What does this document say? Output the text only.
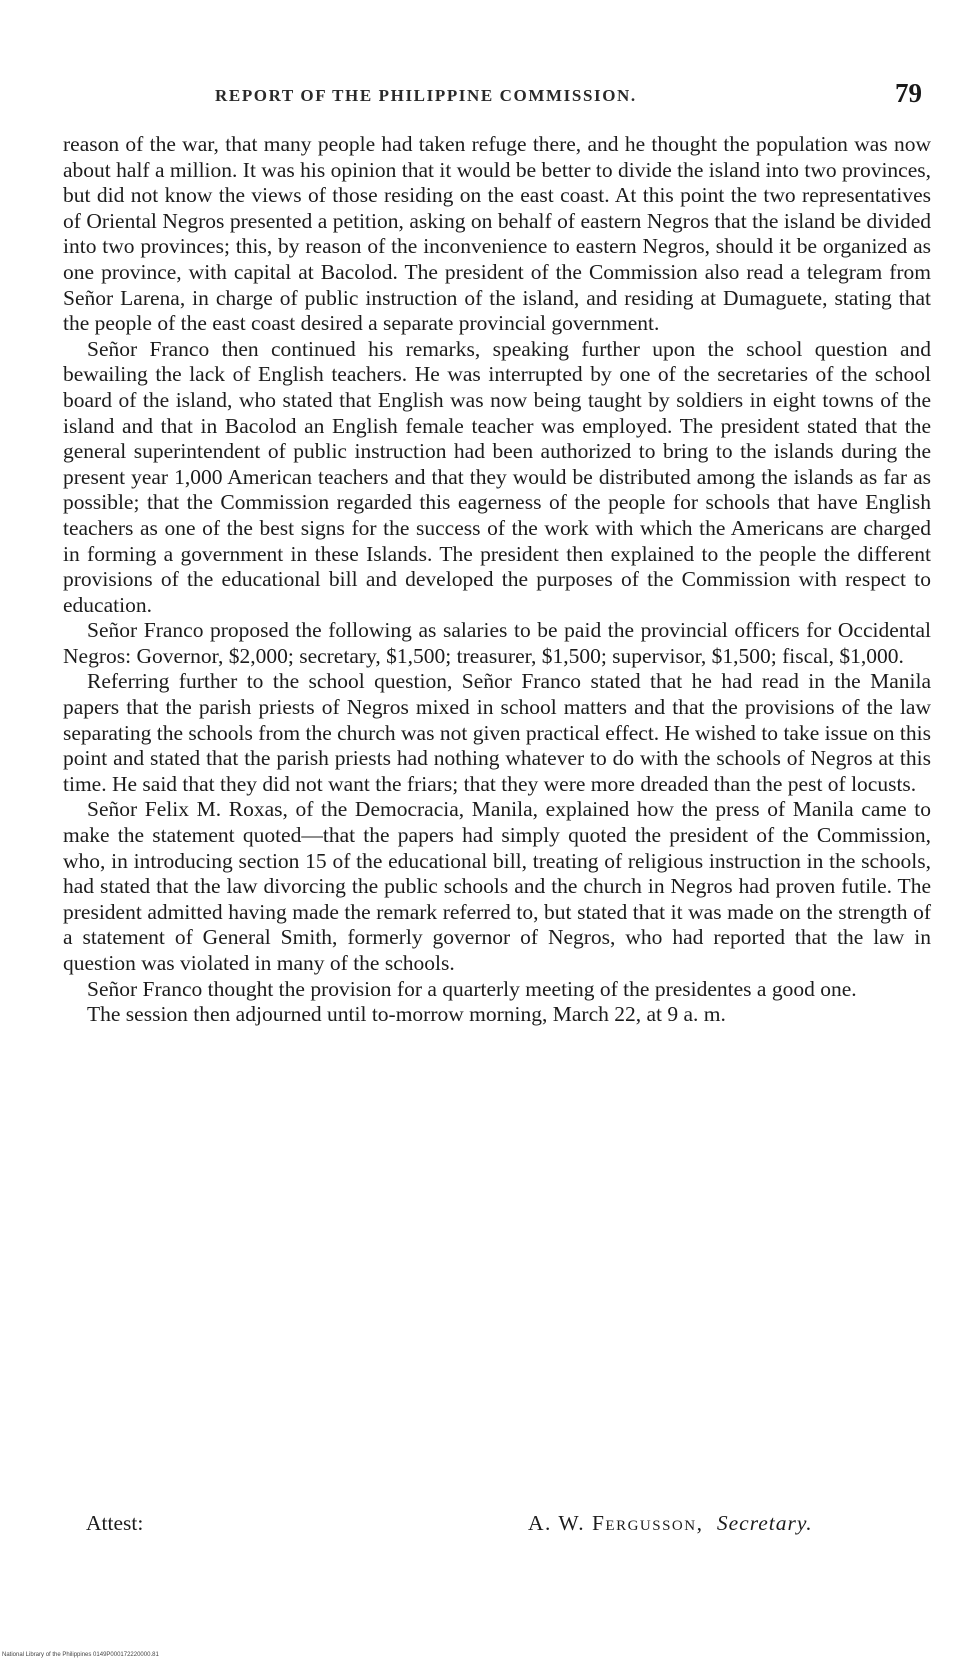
REPORT OF THE PHILIPPINE COMMISSION.	79

reason of the war, that many people had taken refuge there, and he thought the population was now about half a million. It was his opinion that it would be better to divide the island into two provinces, but did not know the views of those residing on the east coast. At this point the two representatives of Oriental Negros presented a petition, asking on behalf of eastern Negros that the island be divided into two provinces; this, by reason of the inconvenience to eastern Negros, should it be organized as one province, with capital at Bacolod. The president of the Commission also read a telegram from Señor Larena, in charge of public instruction of the island, and residing at Dumaguete, stating that the people of the east coast desired a separate provincial government.

Señor Franco then continued his remarks, speaking further upon the school question and bewailing the lack of English teachers. He was interrupted by one of the secretaries of the school board of the island, who stated that English was now being taught by soldiers in eight towns of the island and that in Bacolod an English female teacher was employed. The president stated that the general superintendent of public instruction had been authorized to bring to the islands during the present year 1,000 American teachers and that they would be distributed among the islands as far as possible; that the Commission regarded this eagerness of the people for schools that have English teachers as one of the best signs for the success of the work with which the Americans are charged in forming a government in these Islands. The president then explained to the people the different provisions of the educational bill and developed the purposes of the Commission with respect to education.

Señor Franco proposed the following as salaries to be paid the provincial officers for Occidental Negros: Governor, $2,000; secretary, $1,500; treasurer, $1,500; supervisor, $1,500; fiscal, $1,000.

Referring further to the school question, Señor Franco stated that he had read in the Manila papers that the parish priests of Negros mixed in school matters and that the provisions of the law separating the schools from the church was not given practical effect. He wished to take issue on this point and stated that the parish priests had nothing whatever to do with the schools of Negros at this time. He said that they did not want the friars; that they were more dreaded than the pest of locusts.

Señor Felix M. Roxas, of the Democracia, Manila, explained how the press of Manila came to make the statement quoted—that the papers had simply quoted the president of the Commission, who, in introducing section 15 of the educational bill, treating of religious instruction in the schools, had stated that the law divorcing the public schools and the church in Negros had proven futile. The president admitted having made the remark referred to, but stated that it was made on the strength of a statement of General Smith, formerly governor of Negros, who had reported that the law in question was violated in many of the schools.

Señor Franco thought the provision for a quarterly meeting of the presidentes a good one.

The session then adjourned until to-morrow morning, March 22, at 9 a. m.

Attest:	A. W. Fergusson, Secretary.
National Library of the Philippines 0149P000172220000.81
